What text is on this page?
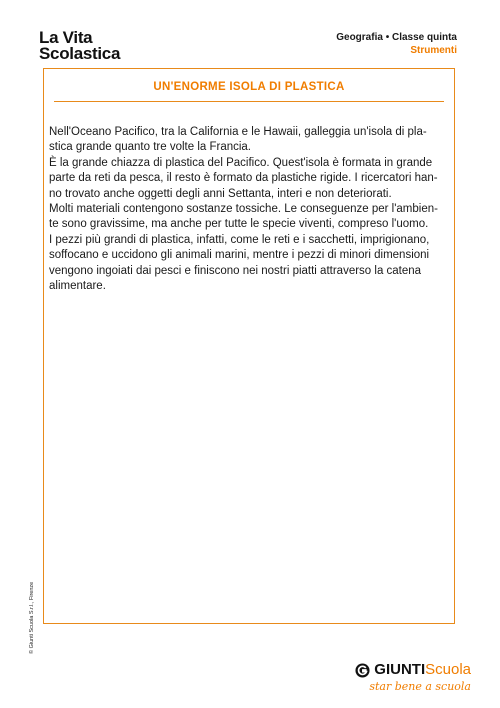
La Vita
Scolastica
Geografia • Classe quinta
Strumenti
UN'ENORME ISOLA DI PLASTICA
Nell'Oceano Pacifico, tra la California e le Hawaii, galleggia un'isola di pla-
stica grande quanto tre volte la Francia.
È la grande chiazza di plastica del Pacifico. Quest'isola è formata in grande
parte da reti da pesca, il resto è formato da plastiche rigide. I ricercatori han-
no trovato anche oggetti degli anni Settanta, interi e non deteriorati.
Molti materiali contengono sostanze tossiche. Le conseguenze per l'ambien-
te sono gravissime, ma anche per tutte le specie viventi, compreso l'uomo.
I pezzi più grandi di plastica, infatti, come le reti e i sacchetti, imprigionano,
soffocano e uccidono gli animali marini, mentre i pezzi di minori dimensioni
vengono ingoiati dai pesci e finiscono nei nostri piatti attraverso la catena
alimentare.
© Giunti Scuola S.r.l., Firenze
GIUNTIScuola
star bene a scuola
